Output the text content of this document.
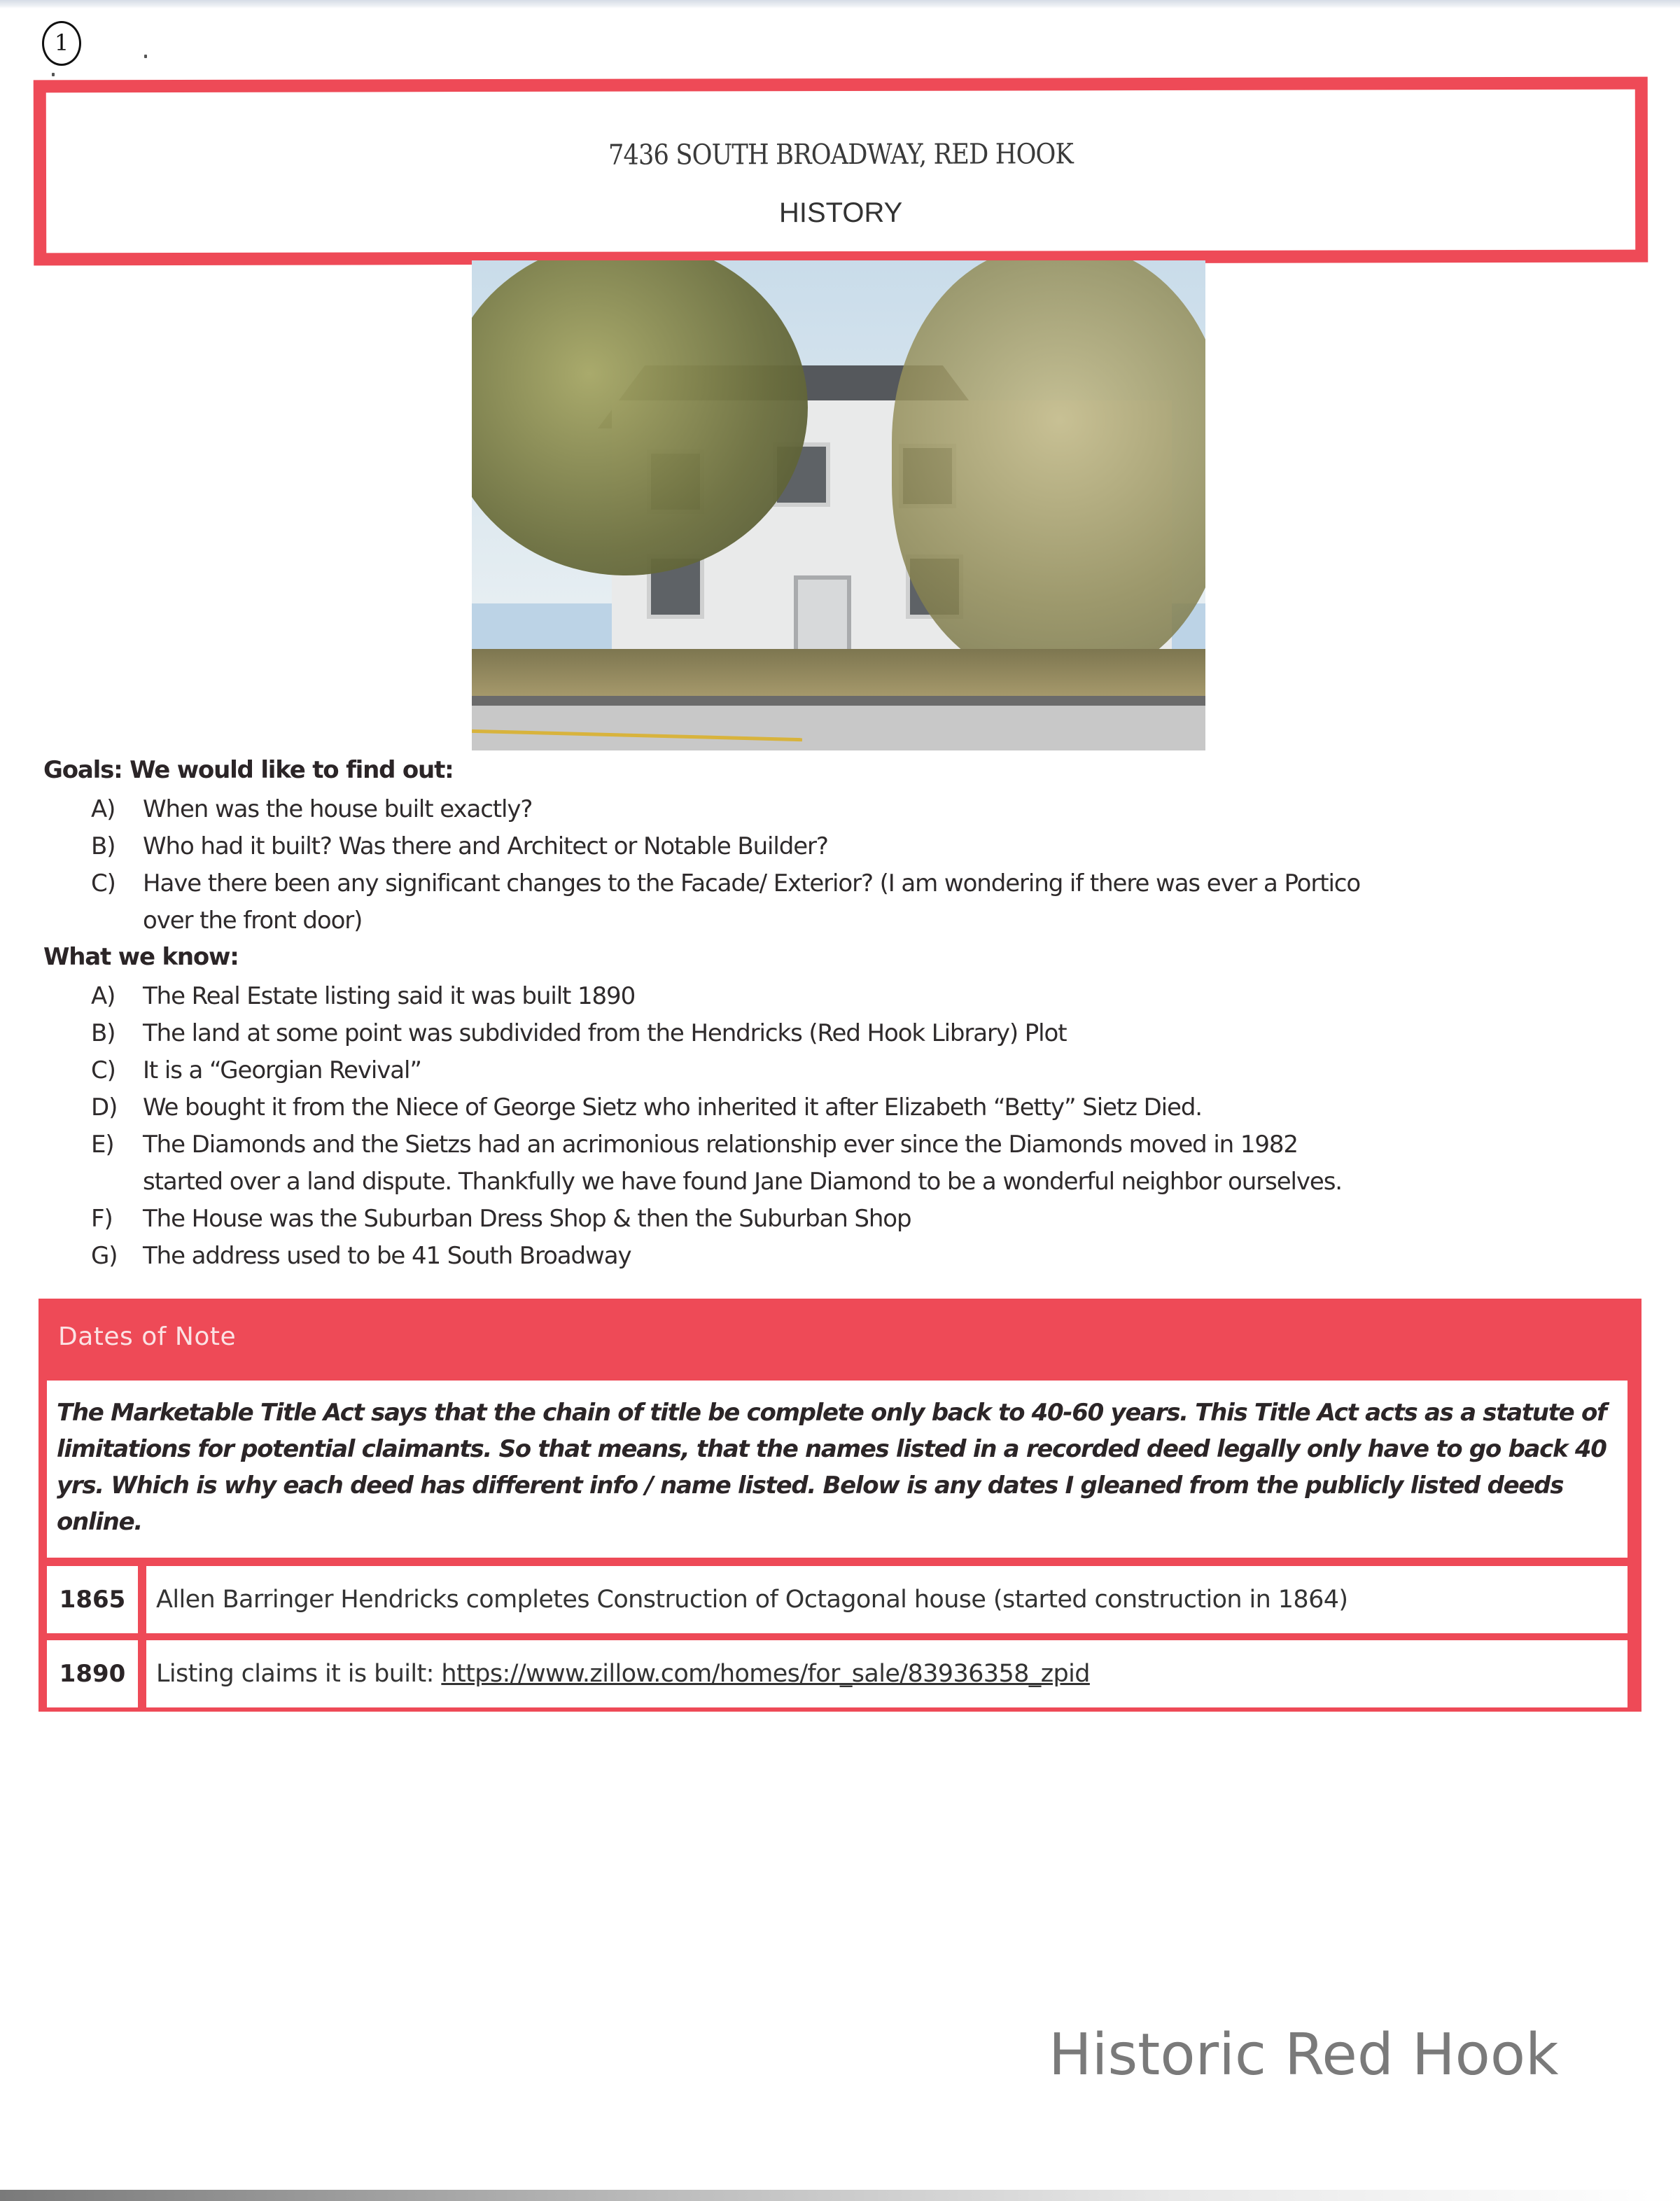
1
7436 SOUTH BROADWAY, RED HOOK
HISTORY
Goals: We would like to find out:
A) When was the house built exactly?
B) Who had it built? Was there and Architect or Notable Builder?
C) Have there been any significant changes to the Facade/ Exterior? (I am wondering if there was ever a Portico
over the front door)
What we know:
A) The Real Estate listing said it was built 1890
B) The land at some point was subdivided from the Hendricks (Red Hook Library) Plot
C) It is a “Georgian Revival”
D) We bought it from the Niece of George Sietz who inherited it after Elizabeth “Betty” Sietz Died.
E) The Diamonds and the Sietzs had an acrimonious relationship ever since the Diamonds moved in 1982
started over a land dispute. Thankfully we have found Jane Diamond to be a wonderful neighbor ourselves.
F) The House was the Suburban Dress Shop & then the Suburban Shop
G) The address used to be 41 South Broadway
Dates of Note
The Marketable Title Act says that the chain of title be complete only back to 40-60 years. This Title Act acts as a statute of limitations for potential claimants. So that means, that the names listed in a recorded deed legally only have to go back 40 yrs. Which is why each deed has different info / name listed. Below is any dates I gleaned from the publicly listed deeds online.
1865	Allen Barringer Hendricks completes Construction of Octagonal house (started construction in 1864)
1890	Listing claims it is built: https://www.zillow.com/homes/for_sale/83936358_zpid
Historic Red Hook
